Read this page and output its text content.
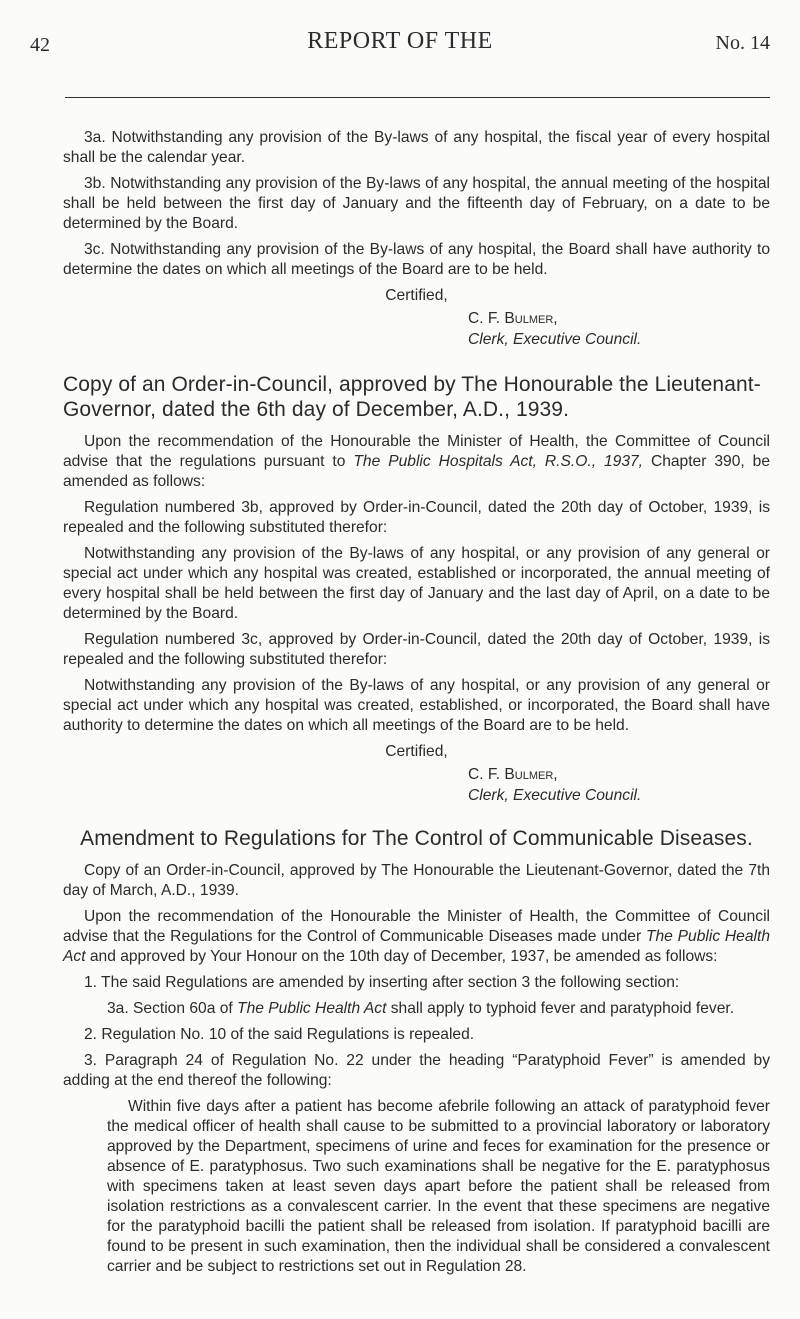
42	REPORT OF THE	No. 14

3a. Notwithstanding any provision of the By-laws of any hospital, the fiscal year of every hospital shall be the calendar year.

3b. Notwithstanding any provision of the By-laws of any hospital, the annual meeting of the hospital shall be held between the first day of January and the fifteenth day of February, on a date to be determined by the Board.

3c. Notwithstanding any provision of the By-laws of any hospital, the Board shall have authority to determine the dates on which all meetings of the Board are to be held.

Certified,
C. F. Bulmer,
Clerk, Executive Council.
Copy of an Order-in-Council, approved by The Honourable the Lieutenant-Governor, dated the 6th day of December, A.D., 1939.

Upon the recommendation of the Honourable the Minister of Health, the Committee of Council advise that the regulations pursuant to The Public Hospitals Act, R.S.O., 1937, Chapter 390, be amended as follows:

Regulation numbered 3b, approved by Order-in-Council, dated the 20th day of October, 1939, is repealed and the following substituted therefor:

Notwithstanding any provision of the By-laws of any hospital, or any provision of any general or special act under which any hospital was created, established or incorporated, the annual meeting of every hospital shall be held between the first day of January and the last day of April, on a date to be determined by the Board.

Regulation numbered 3c, approved by Order-in-Council, dated the 20th day of October, 1939, is repealed and the following substituted therefor:

Notwithstanding any provision of the By-laws of any hospital, or any provision of any general or special act under which any hospital was created, established, or incorporated, the Board shall have authority to determine the dates on which all meetings of the Board are to be held.

Certified,
C. F. Bulmer,
Clerk, Executive Council.
Amendment to Regulations for The Control of Communicable Diseases.

Copy of an Order-in-Council, approved by The Honourable the Lieutenant-Governor, dated the 7th day of March, A.D., 1939.

Upon the recommendation of the Honourable the Minister of Health, the Committee of Council advise that the Regulations for the Control of Communicable Diseases made under The Public Health Act and approved by Your Honour on the 10th day of December, 1937, be amended as follows:

1. The said Regulations are amended by inserting after section 3 the following section:

3a. Section 60a of The Public Health Act shall apply to typhoid fever and paratyphoid fever.

2. Regulation No. 10 of the said Regulations is repealed.

3. Paragraph 24 of Regulation No. 22 under the heading “Paratyphoid Fever” is amended by adding at the end thereof the following:

Within five days after a patient has become afebrile following an attack of paratyphoid fever the medical officer of health shall cause to be submitted to a provincial laboratory or laboratory approved by the Department, specimens of urine and feces for examination for the presence or absence of E. paratyphosus. Two such examinations shall be negative for the E. paratyphosus with specimens taken at least seven days apart before the patient shall be released from isolation restrictions as a convalescent carrier. In the event that these specimens are negative for the paratyphoid bacilli the patient shall be released from isolation. If paratyphoid bacilli are found to be present in such examination, then the individual shall be considered a convalescent carrier and be subject to restrictions set out in Regulation 28.
